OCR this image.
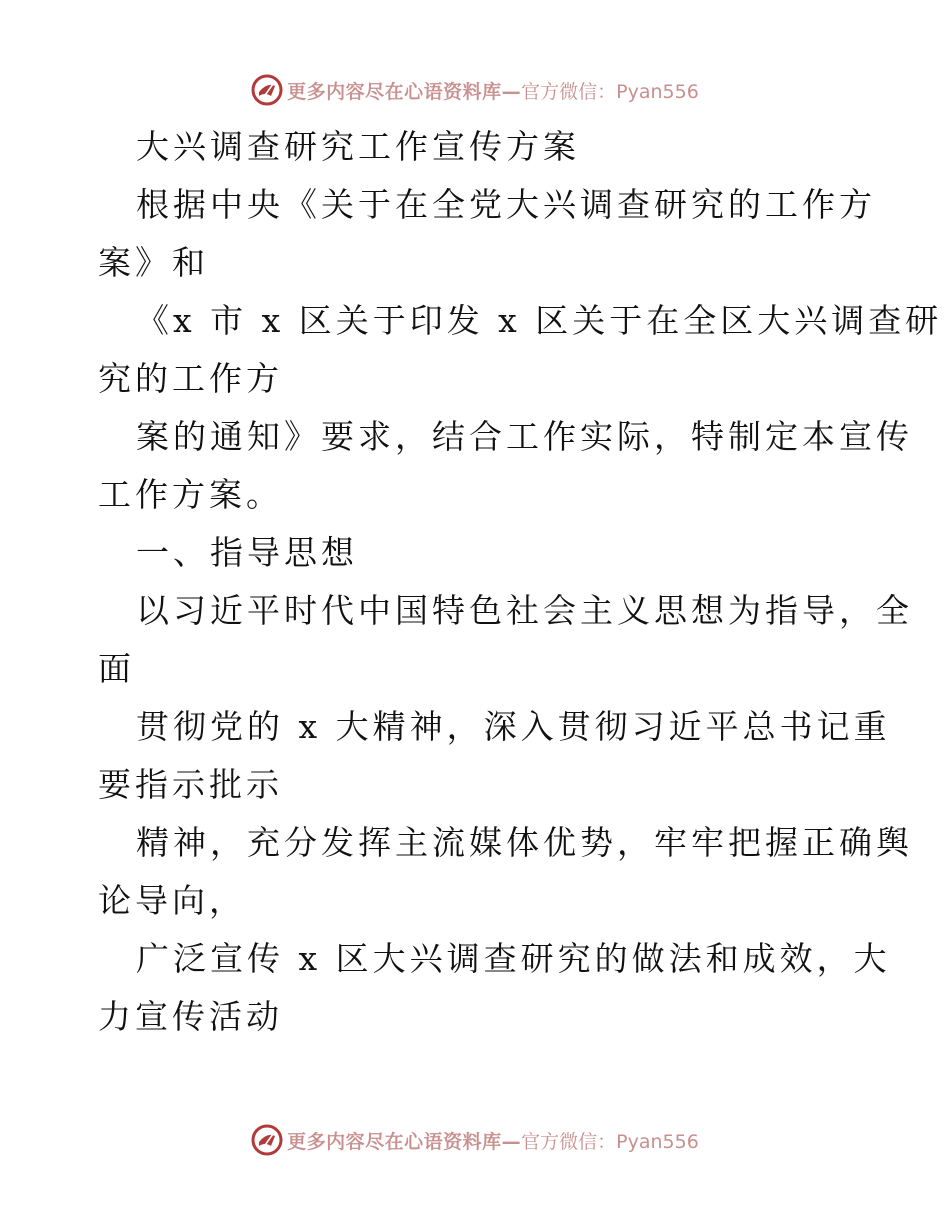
更多内容尽在心语资料库— 官方微信：Pyan556
大兴调查研究工作宣传方案
根据中央《关于在全党大兴调查研究的工作方
案》和
《x 市 x 区关于印发 x 区关于在全区大兴调查研
究的工作方
案的通知》要求，结合工作实际，特制定本宣传
工作方案。
一、指导思想
以习近平时代中国特色社会主义思想为指导，全
面
贯彻党的 x 大精神，深入贯彻习近平总书记重
要指示批示
精神，充分发挥主流媒体优势，牢牢把握正确舆
论导向，
广泛宣传 x 区大兴调查研究的做法和成效，大
力宣传活动
更多内容尽在心语资料库— 官方微信：Pyan556
